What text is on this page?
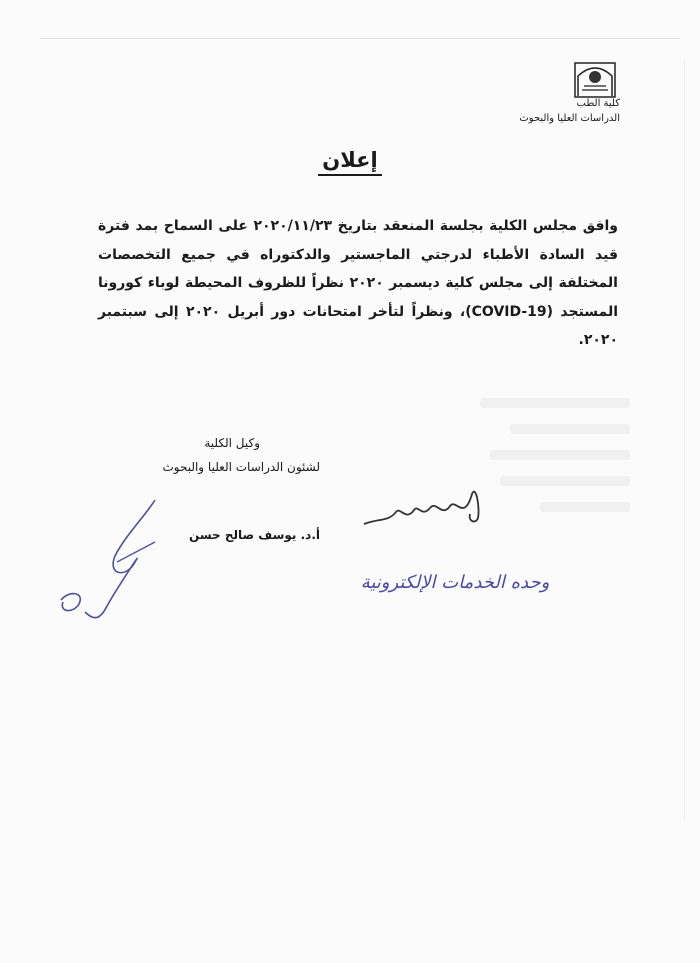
كلية الطب
الدراسات العليا والبحوث
إعلان
وافق مجلس الكلية بجلسة المنعقد بتاريخ ٢٠٢٠/١١/٢٣ على السماح بمد فترة قيد السادة الأطباء لدرجتي الماجستير والدكتوراه في جميع التخصصات المختلفة إلى مجلس كلية ديسمبر ٢٠٢٠ نظراً للظروف المحيطة لوباء كورونا المستجد (COVID-19)، ونظراً لتأخر امتحانات دور أبريل ٢٠٢٠ إلى سبتمبر ٢٠٢٠.
وكيل الكلية
لشئون الدراسات العليا والبحوث
أ.د. يوسف صالح حسن
وحده الخدمات الإلكترونية
